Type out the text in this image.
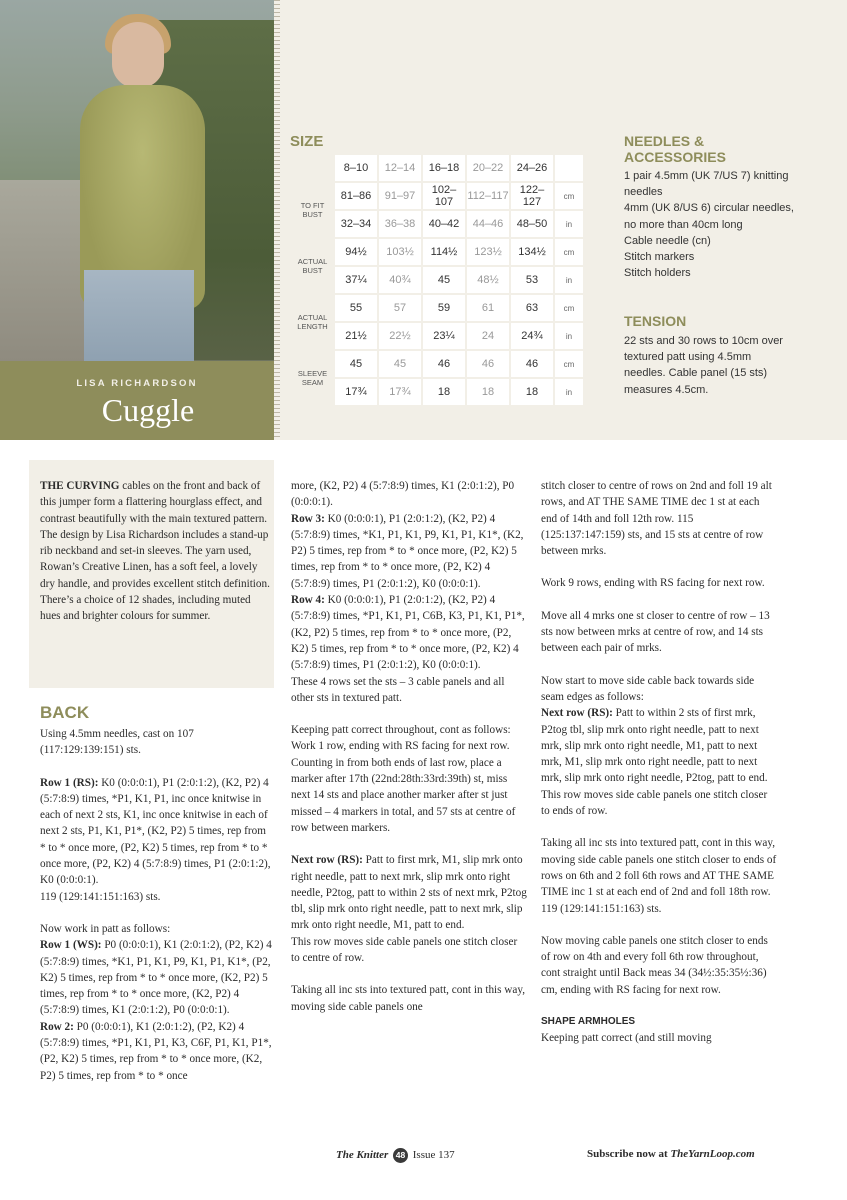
LISA RICHARDSON
Cuggle
SIZE
	8–10	12–14	16–18	20–22	24–26	
TO FIT BUST	81–86	91–97	102–107	112–117	122–127	cm
	32–34	36–38	40–42	44–46	48–50	in
ACTUAL BUST	94½	103½	114½	123½	134½	cm
	37¼	40¾	45	48½	53	in
ACTUAL LENGTH	55	57	59	61	63	cm
	21½	22½	23¼	24	24¾	in
SLEEVE SEAM	45	45	46	46	46	cm
	17¾	17¾	18	18	18	in
NEEDLES & ACCESSORIES
1 pair 4.5mm (UK 7/US 7) knitting needles
4mm (UK 8/US 6) circular needles, no more than 40cm long
Cable needle (cn)
Stitch markers
Stitch holders
TENSION
22 sts and 30 rows to 10cm over textured patt using 4.5mm needles. Cable panel (15 sts) measures 4.5cm.

THE CURVING cables on the front and back of this jumper form a flattering hourglass effect, and contrast beautifully with the main textured pattern. The design by Lisa Richardson includes a stand-up rib neckband and set-in sleeves. The yarn used, Rowan’s Creative Linen, has a soft feel, a lovely dry handle, and provides excellent stitch definition. There’s a choice of 12 shades, including muted hues and brighter colours for summer.

BACK

Using 4.5mm needles, cast on 107 (117:129:139:151) sts.

Row 1 (RS): K0 (0:0:0:1), P1 (2:0:1:2), (K2, P2) 4 (5:7:8:9) times, *P1, K1, P1, inc once knitwise in each of next 2 sts, K1, inc once knitwise in each of next 2 sts, P1, K1, P1*, (K2, P2) 5 times, rep from * to * once more, (P2, K2) 5 times, rep from * to * once more, (P2, K2) 4 (5:7:8:9) times, P1 (2:0:1:2), K0 (0:0:0:1).

119 (129:141:151:163) sts.

Now work in patt as follows:

Row 1 (WS): P0 (0:0:0:1), K1 (2:0:1:2), (P2, K2) 4 (5:7:8:9) times, *K1, P1, K1, P9, K1, P1, K1*, (P2, K2) 5 times, rep from * to * once more, (K2, P2) 5 times, rep from * to * once more, (K2, P2) 4 (5:7:8:9) times, K1 (2:0:1:2), P0 (0:0:0:1).

Row 2: P0 (0:0:0:1), K1 (2:0:1:2), (P2, K2) 4 (5:7:8:9) times, *P1, K1, P1, K3, C6F, P1, K1, P1*, (P2, K2) 5 times, rep from * to * once more, (K2, P2) 5 times, rep from * to * once

more, (K2, P2) 4 (5:7:8:9) times, K1 (2:0:1:2), P0 (0:0:0:1).

Row 3: K0 (0:0:0:1), P1 (2:0:1:2), (K2, P2) 4 (5:7:8:9) times, *K1, P1, K1, P9, K1, P1, K1*, (K2, P2) 5 times, rep from * to * once more, (P2, K2) 5 times, rep from * to * once more, (P2, K2) 4 (5:7:8:9) times, P1 (2:0:1:2), K0 (0:0:0:1).

Row 4: K0 (0:0:0:1), P1 (2:0:1:2), (K2, P2) 4 (5:7:8:9) times, *P1, K1, P1, C6B, K3, P1, K1, P1*, (K2, P2) 5 times, rep from * to * once more, (P2, K2) 5 times, rep from * to * once more, (P2, K2) 4 (5:7:8:9) times, P1 (2:0:1:2), K0 (0:0:0:1).

These 4 rows set the sts – 3 cable panels and all other sts in textured patt.

Keeping patt correct throughout, cont as follows:

Work 1 row, ending with RS facing for next row.

Counting in from both ends of last row, place a marker after 17th (22nd:28th:33rd:39th) st, miss next 14 sts and place another marker after st just missed – 4 markers in total, and 57 sts at centre of row between markers.

Next row (RS): Patt to first mrk, M1, slip mrk onto right needle, patt to next mrk, slip mrk onto right needle, P2tog, patt to within 2 sts of next mrk, P2tog tbl, slip mrk onto right needle, patt to next mrk, slip mrk onto right needle, M1, patt to end.

This row moves side cable panels one stitch closer to centre of row.

Taking all inc sts into textured patt, cont in this way, moving side cable panels one

stitch closer to centre of rows on 2nd and foll 19 alt rows, and AT THE SAME TIME dec 1 st at each end of 14th and foll 12th row. 115 (125:137:147:159) sts, and 15 sts at centre of row between mrks.

Work 9 rows, ending with RS facing for next row.

Move all 4 mrks one st closer to centre of row – 13 sts now between mrks at centre of row, and 14 sts between each pair of mrks.

Now start to move side cable back towards side seam edges as follows:

Next row (RS): Patt to within 2 sts of first mrk, P2tog tbl, slip mrk onto right needle, patt to next mrk, slip mrk onto right needle, M1, patt to next mrk, M1, slip mrk onto right needle, patt to next mrk, slip mrk onto right needle, P2tog, patt to end.

This row moves side cable panels one stitch closer to ends of row.

Taking all inc sts into textured patt, cont in this way, moving side cable panels one stitch closer to ends of rows on 6th and 2 foll 6th rows and AT THE SAME TIME inc 1 st at each end of 2nd and foll 18th row. 119 (129:141:151:163) sts.

Now moving cable panels one stitch closer to ends of row on 4th and every foll 6th row throughout, cont straight until Back meas 34 (34½:35:35½:36) cm, ending with RS facing for next row.

SHAPE ARMHOLES

Keeping patt correct (and still moving

The Knitter 48 Issue 137	Subscribe now at TheYarnLoop.com
